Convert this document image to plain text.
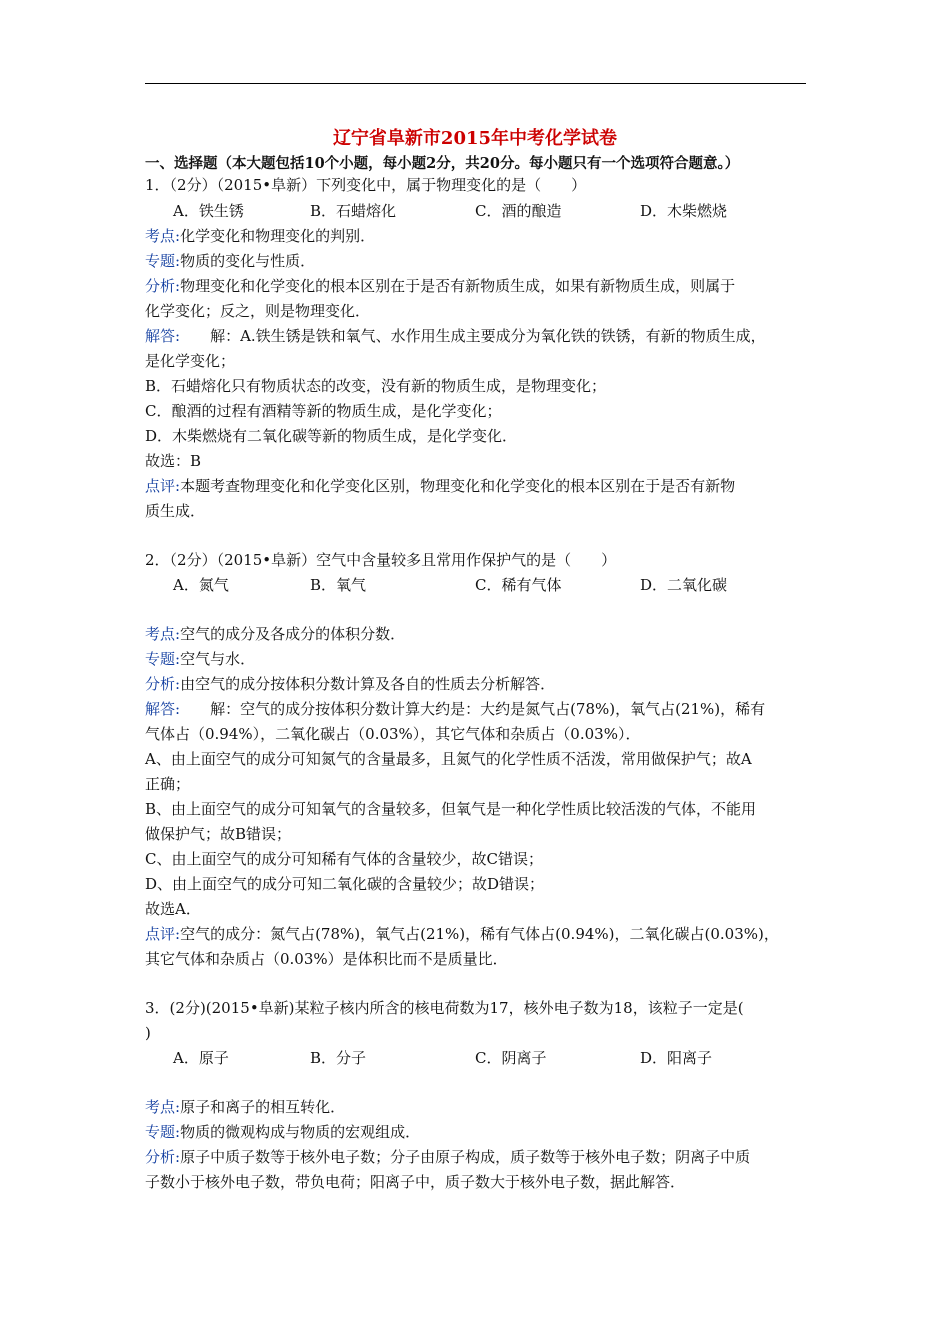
辽宁省阜新市2015年中考化学试卷
一、选择题（本大题包括10个小题，每小题2分，共20分。每小题只有一个选项符合题意。）
1．（2分）（2015•阜新）下列变化中，属于物理变化的是（　　）
A．铁生锈	B．石蜡熔化	C．酒的酿造	D．木柴燃烧
考点:化学变化和物理变化的判别．
专题:物质的变化与性质．
分析:物理变化和化学变化的根本区别在于是否有新物质生成，如果有新物质生成，则属于
化学变化；反之，则是物理变化．
解答: 解：A.铁生锈是铁和氧气、水作用生成主要成分为氧化铁的铁锈，有新的物质生成，
是化学变化；
B．石蜡熔化只有物质状态的改变，没有新的物质生成，是物理变化；
C．酿酒的过程有酒精等新的物质生成，是化学变化；
D．木柴燃烧有二氧化碳等新的物质生成，是化学变化．
故选：B
点评:本题考查物理变化和化学变化区别，物理变化和化学变化的根本区别在于是否有新物
质生成．
2．（2分）（2015•阜新）空气中含量较多且常用作保护气的是（　　）
A．氮气	B．氧气	C．稀有气体	D．二氧化碳
考点:空气的成分及各成分的体积分数．
专题:空气与水．
分析:由空气的成分按体积分数计算及各自的性质去分析解答．
解答: 解：空气的成分按体积分数计算大约是：大约是氮气占(78%)，氧气占(21%)，稀有
气体占（0.94%），二氧化碳占（0.03%），其它气体和杂质占（0.03%）．
A、由上面空气的成分可知氮气的含量最多，且氮气的化学性质不活泼，常用做保护气；故A
正确；
B、由上面空气的成分可知氧气的含量较多，但氧气是一种化学性质比较活泼的气体，不能用
做保护气；故B错误；
C、由上面空气的成分可知稀有气体的含量较少，故C错误；
D、由上面空气的成分可知二氧化碳的含量较少；故D错误；
故选A．
点评:空气的成分：氮气占(78%)，氧气占(21%)，稀有气体占(0.94%)，二氧化碳占(0.03%)，
其它气体和杂质占（0.03%）是体积比而不是质量比．
3．(2分)(2015•阜新)某粒子核内所含的核电荷数为17，核外电子数为18，该粒子一定是(
)
A．原子	B．分子	C．阴离子	D．阳离子
考点:原子和离子的相互转化．
专题:物质的微观构成与物质的宏观组成．
分析:原子中质子数等于核外电子数；分子由原子构成，质子数等于核外电子数；阴离子中质
子数小于核外电子数，带负电荷；阳离子中，质子数大于核外电子数，据此解答．
